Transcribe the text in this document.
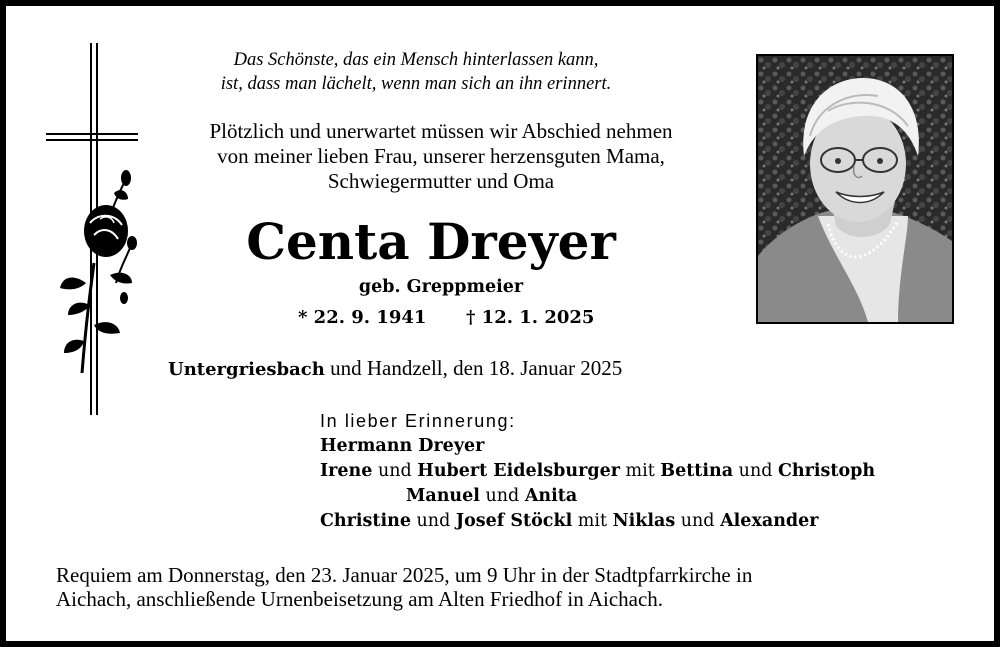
Das Schönste, das ein Mensch hinterlassen kann,
ist, dass man lächelt, wenn man sich an ihn erinnert.
Plötzlich und unerwartet müssen wir Abschied nehmen
von meiner lieben Frau, unserer herzensguten Mama,
Schwiegermutter und Oma
Centa Dreyer
geb. Greppmeier
* 22. 9. 1941 † 12. 1. 2025
Untergriesbach und Handzell, den 18. Januar 2025
In lieber Erinnerung:
Hermann Dreyer
Irene und Hubert Eidelsburger mit Bettina und Christoph
Manuel und Anita
Christine und Josef Stöckl mit Niklas und Alexander
Requiem am Donnerstag, den 23. Januar 2025, um 9 Uhr in der Stadtpfarrkirche in
Aichach, anschließende Urnenbeisetzung am Alten Friedhof in Aichach.
